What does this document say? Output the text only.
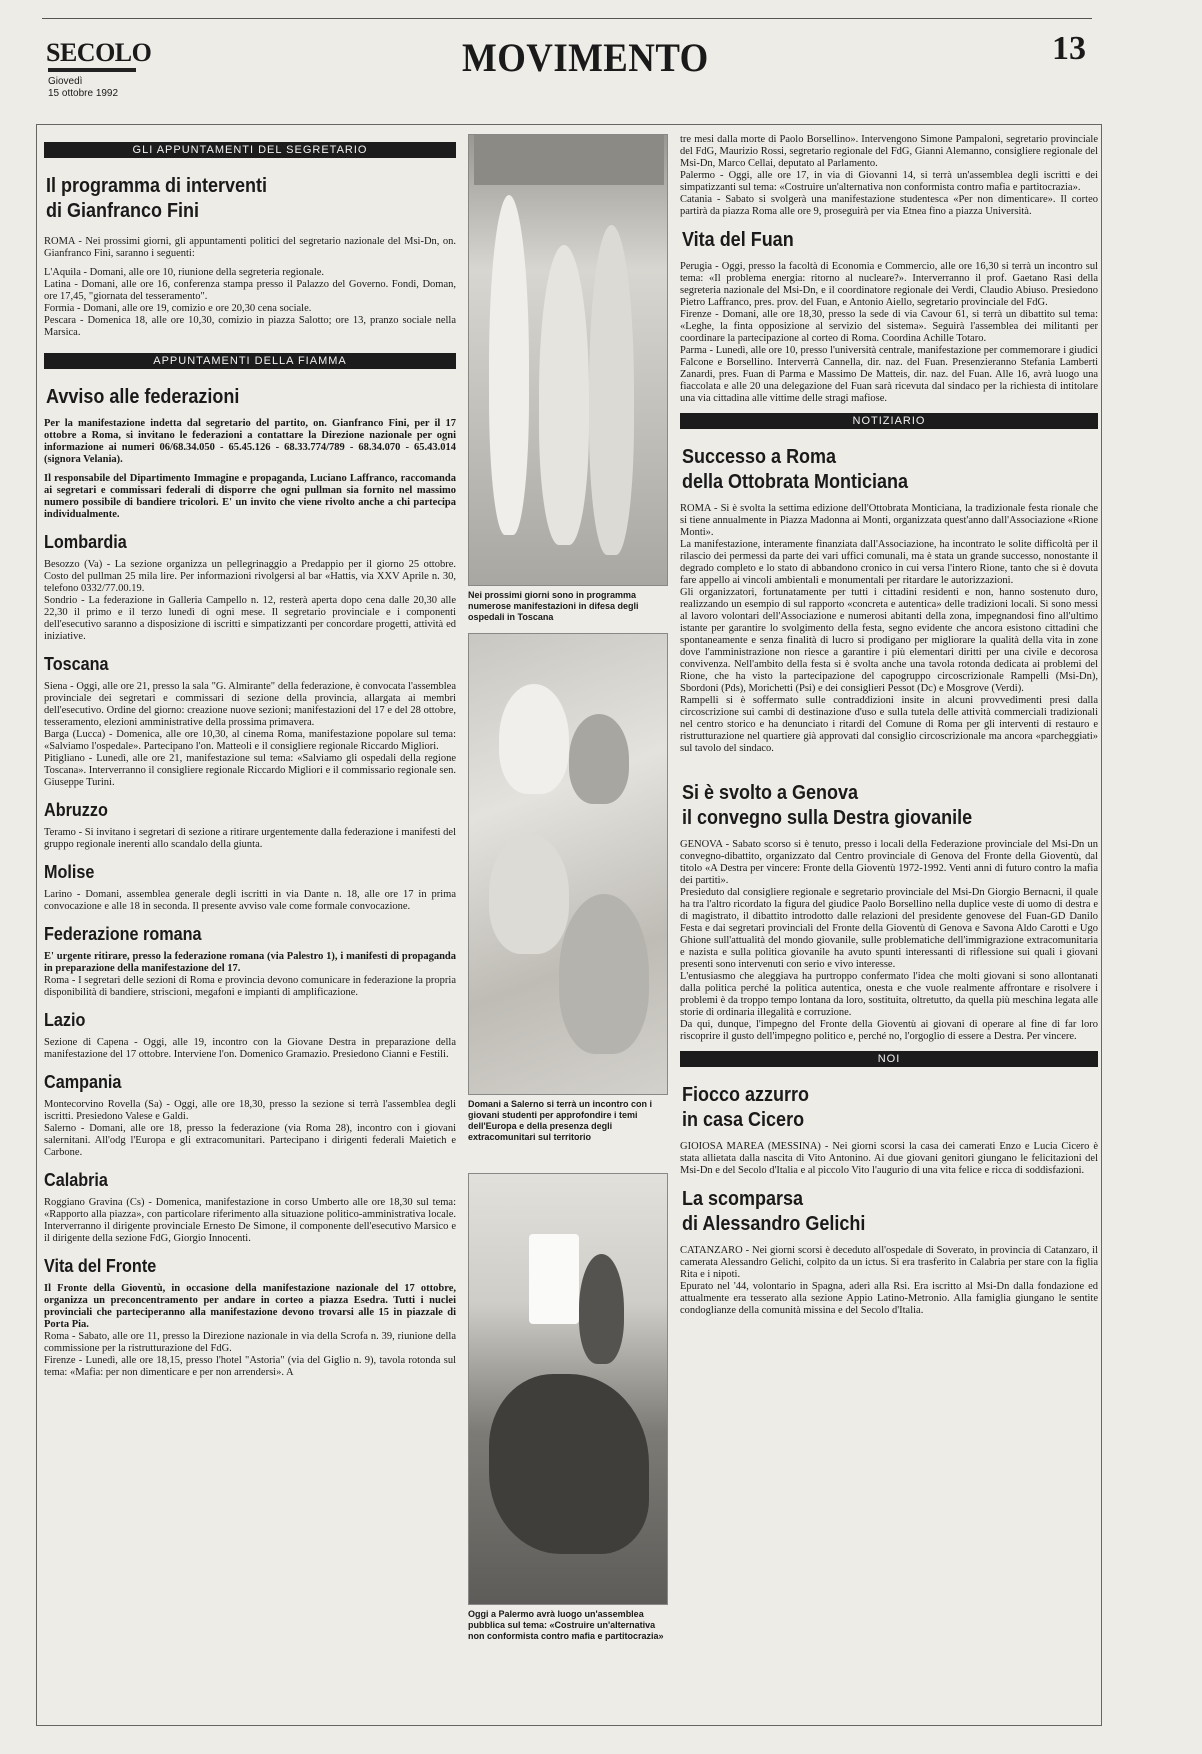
SECOLO
Giovedì
15 ottobre 1992
MOVIMENTO	13
GLI APPUNTAMENTI DEL SEGRETARIO
Il programma di interventi
di Gianfranco Fini

ROMA - Nei prossimi giorni, gli appuntamenti politici del segretario nazionale del Msi-Dn, on. Gianfranco Fini, saranno i seguenti:

L'Aquila - Domani, alle ore 10, riunione della segreteria regionale.

Latina - Domani, alle ore 16, conferenza stampa presso il Palazzo del Governo. Fondi, Doman, ore 17,45, "giornata del tesseramento".

Formia - Domani, alle ore 19, comizio e ore 20,30 cena sociale.

Pescara - Domenica 18, alle ore 10,30, comizio in piazza Salotto; ore 13, pranzo sociale nella Marsica.

APPUNTAMENTI DELLA FIAMMA
Avviso alle federazioni

Per la manifestazione indetta dal segretario del partito, on. Gianfranco Fini, per il 17 ottobre a Roma, si invitano le federazioni a contattare la Direzione nazionale per ogni informazione ai numeri 06/68.34.050 - 65.45.126 - 68.33.774/789 - 68.34.070 - 65.43.014 (signora Velania).

Il responsabile del Dipartimento Immagine e propaganda, Luciano Laffranco, raccomanda ai segretari e commissari federali di disporre che ogni pullman sia fornito nel massimo numero possibile di bandiere tricolori. E' un invito che viene rivolto anche a chi partecipa individualmente.

Lombardia

Besozzo (Va) - La sezione organizza un pellegrinaggio a Predappio per il giorno 25 ottobre. Costo del pullman 25 mila lire. Per informazioni rivolgersi al bar «Hattis, via XXV Aprile n. 30, telefono 0332/77.00.19.

Sondrio - La federazione in Galleria Campello n. 12, resterà aperta dopo cena dalle 20,30 alle 22,30 il primo e il terzo lunedì di ogni mese. Il segretario provinciale e i componenti dell'esecutivo saranno a disposizione di iscritti e simpatizzanti per concordare progetti, attività ed iniziative.

Toscana

Siena - Oggi, alle ore 21, presso la sala "G. Almirante" della federazione, è convocata l'assemblea provinciale dei segretari e commissari di sezione della provincia, allargata ai membri dell'esecutivo. Ordine del giorno: creazione nuove sezioni; manifestazioni del 17 e del 28 ottobre, tesseramento, elezioni amministrative della prossima primavera.

Barga (Lucca) - Domenica, alle ore 10,30, al cinema Roma, manifestazione popolare sul tema: «Salviamo l'ospedale». Partecipano l'on. Matteoli e il consigliere regionale Riccardo Migliori.

Pitigliano - Lunedì, alle ore 21, manifestazione sul tema: «Salviamo gli ospedali della regione Toscana». Interverranno il consigliere regionale Riccardo Migliori e il commissario regionale sen. Giuseppe Turini.

Abruzzo

Teramo - Si invitano i segretari di sezione a ritirare urgentemente dalla federazione i manifesti del gruppo regionale inerenti allo scandalo della giunta.

Molise

Larino - Domani, assemblea generale degli iscritti in via Dante n. 18, alle ore 17 in prima convocazione e alle 18 in seconda. Il presente avviso vale come formale convocazione.

Federazione romana

E' urgente ritirare, presso la federazione romana (via Palestro 1), i manifesti di propaganda in preparazione della manifestazione del 17.

Roma - I segretari delle sezioni di Roma e provincia devono comunicare in federazione la propria disponibilità di bandiere, striscioni, megafoni e impianti di amplificazione.

Lazio

Sezione di Capena - Oggi, alle 19, incontro con la Giovane Destra in preparazione della manifestazione del 17 ottobre. Interviene l'on. Domenico Gramazio. Presiedono Cianni e Festili.

Campania

Montecorvino Rovella (Sa) - Oggi, alle ore 18,30, presso la sezione si terrà l'assemblea degli iscritti. Presiedono Valese e Galdi.

Salerno - Domani, alle ore 18, presso la federazione (via Roma 28), incontro con i giovani salernitani. All'odg l'Europa e gli extracomunitari. Partecipano i dirigenti federali Maietich e Carbone.

Calabria

Roggiano Gravina (Cs) - Domenica, manifestazione in corso Umberto alle ore 18,30 sul tema: «Rapporto alla piazza», con particolare riferimento alla situazione politico-amministrativa locale. Interverranno il dirigente provinciale Ernesto De Simone, il componente dell'esecutivo Marsico e il dirigente della sezione FdG, Giorgio Innocenti.

Vita del Fronte

Il Fronte della Gioventù, in occasione della manifestazione nazionale del 17 ottobre, organizza un preconcentramento per andare in corteo a piazza Esedra. Tutti i nuclei provinciali che parteciperanno alla manifestazione devono trovarsi alle 15 in piazzale di Porta Pia.

Roma - Sabato, alle ore 11, presso la Direzione nazionale in via della Scrofa n. 39, riunione della commissione per la ristrutturazione del FdG.

Firenze - Lunedì, alle ore 18,15, presso l'hotel "Astoria" (via del Giglio n. 9), tavola rotonda sul tema: «Mafia: per non dimenticare e per non arrendersi». A

Nei prossimi giorni sono in programma numerose manifestazioni in difesa degli ospedali in Toscana
Domani a Salerno si terrà un incontro con i giovani studenti per approfondire i temi dell'Europa e della presenza degli extracomunitari sul territorio
Oggi a Palermo avrà luogo un'assemblea pubblica sul tema: «Costruire un'alternativa non conformista contro mafia e partitocrazia»

tre mesi dalla morte di Paolo Borsellino». Intervengono Simone Pampaloni, segretario provinciale del FdG, Maurizio Rossi, segretario regionale del FdG, Gianni Alemanno, consigliere regionale del Msi-Dn, Marco Cellai, deputato al Parlamento.

Palermo - Oggi, alle ore 17, in via di Giovanni 14, si terrà un'assemblea degli iscritti e dei simpatizzanti sul tema: «Costruire un'alternativa non conformista contro mafia e partitocrazia».

Catania - Sabato si svolgerà una manifestazione studentesca «Per non dimenticare». Il corteo partirà da piazza Roma alle ore 9, proseguirà per via Etnea fino a piazza Università.

Vita del Fuan

Perugia - Oggi, presso la facoltà di Economia e Commercio, alle ore 16,30 si terrà un incontro sul tema: «Il problema energia: ritorno al nucleare?». Interverranno il prof. Gaetano Rasi della segreteria nazionale del Msi-Dn, e il coordinatore regionale dei Verdi, Claudio Abiuso. Presiedono Pietro Laffranco, pres. prov. del Fuan, e Antonio Aiello, segretario provinciale del FdG.

Firenze - Domani, alle ore 18,30, presso la sede di via Cavour 61, si terrà un dibattito sul tema: «Leghe, la finta opposizione al servizio del sistema». Seguirà l'assemblea dei militanti per coordinare la partecipazione al corteo di Roma. Coordina Achille Totaro.

Parma - Lunedì, alle ore 10, presso l'università centrale, manifestazione per commemorare i giudici Falcone e Borsellino. Interverrà Cannella, dir. naz. del Fuan. Presenzieranno Stefania Lamberti Zanardi, pres. Fuan di Parma e Massimo De Matteis, dir. naz. del Fuan. Alle 16, avrà luogo una fiaccolata e alle 20 una delegazione del Fuan sarà ricevuta dal sindaco per la richiesta di intitolare una via cittadina alle vittime delle stragi mafiose.

NOTIZIARIO
Successo a Roma
della Ottobrata Monticiana

ROMA - Si è svolta la settima edizione dell'Ottobrata Monticiana, la tradizionale festa rionale che si tiene annualmente in Piazza Madonna ai Monti, organizzata quest'anno dall'Associazione «Rione Monti».

La manifestazione, interamente finanziata dall'Associazione, ha incontrato le solite difficoltà per il rilascio dei permessi da parte dei vari uffici comunali, ma è stata un grande successo, nonostante il degrado completo e lo stato di abbandono cronico in cui versa l'intero Rione, tanto che si è dovuta fare appello ai vincoli ambientali e monumentali per ritardare le autorizzazioni.

Gli organizzatori, fortunatamente per tutti i cittadini residenti e non, hanno sostenuto duro, realizzando un esempio di sul rapporto «concreta e autentica» delle tradizioni locali. Si sono messi al lavoro volontari dell'Associazione e numerosi abitanti della zona, impegnandosi fino all'ultimo istante per garantire lo svolgimento della festa, segno evidente che ancora esistono cittadini che spontaneamente e senza finalità di lucro si prodigano per migliorare la qualità della vita in zone dove l'amministrazione non riesce a garantire i più elementari diritti per una civile e decorosa convivenza. Nell'ambito della festa si è svolta anche una tavola rotonda dedicata ai problemi del Rione, che ha visto la partecipazione del capogruppo circoscrizionale Rampelli (Msi-Dn), Sbordoni (Pds), Morichetti (Psi) e dei consiglieri Pessot (Dc) e Mosgrove (Verdi).

Rampelli si è soffermato sulle contraddizioni insite in alcuni provvedimenti presi dalla circoscrizione sui cambi di destinazione d'uso e sulla tutela delle attività commerciali tradizionali nel centro storico e ha denunciato i ritardi del Comune di Roma per gli interventi di restauro e ristrutturazione nel quartiere già approvati dal consiglio circoscrizionale ma ancora «parcheggiati» sul tavolo del sindaco.

Si è svolto a Genova
il convegno sulla Destra giovanile

GENOVA - Sabato scorso si è tenuto, presso i locali della Federazione provinciale del Msi-Dn un convegno-dibattito, organizzato dal Centro provinciale di Genova del Fronte della Gioventù, dal titolo «A Destra per vincere: Fronte della Gioventù 1972-1992. Venti anni di futuro contro la mafia dei partiti».

Presieduto dal consigliere regionale e segretario provinciale del Msi-Dn Giorgio Bernacni, il quale ha tra l'altro ricordato la figura del giudice Paolo Borsellino nella duplice veste di uomo di destra e di magistrato, il dibattito introdotto dalle relazioni del presidente genovese del Fuan-GD Danilo Festa e dai segretari provinciali del Fronte della Gioventù di Genova e Savona Aldo Carotti e Ugo Ghione sull'attualità del mondo giovanile, sulle problematiche dell'immigrazione extracomunitaria e nazista e sulla politica giovanile ha avuto spunti interessanti di riflessione sui quali i giovani presenti sono intervenuti con serio e vivo interesse.

L'entusiasmo che aleggiava ha purtroppo confermato l'idea che molti giovani si sono allontanati dalla politica perché la politica autentica, onesta e che vuole realmente affrontare e risolvere i problemi è da troppo tempo lontana da loro, sostituita, oltretutto, da quella più meschina legata alle storie di ordinaria illegalità e corruzione.

Da qui, dunque, l'impegno del Fronte della Gioventù ai giovani di operare al fine di far loro riscoprire il gusto dell'impegno politico e, perché no, l'orgoglio di essere a Destra. Per vincere.

NOI
Fiocco azzurro
in casa Cicero

GIOIOSA MAREA (MESSINA) - Nei giorni scorsi la casa dei camerati Enzo e Lucia Cicero è stata allietata dalla nascita di Vito Antonino. Ai due giovani genitori giungano le felicitazioni del Msi-Dn e del Secolo d'Italia e al piccolo Vito l'augurio di una vita felice e ricca di soddisfazioni.

La scomparsa
di Alessandro Gelichi

CATANZARO - Nei giorni scorsi è deceduto all'ospedale di Soverato, in provincia di Catanzaro, il camerata Alessandro Gelichi, colpito da un ictus. Si era trasferito in Calabria per stare con la figlia Rita e i nipoti.

Epurato nel '44, volontario in Spagna, aderì alla Rsi. Era iscritto al Msi-Dn dalla fondazione ed attualmente era tesserato alla sezione Appio Latino-Metronio. Alla famiglia giungano le sentite condoglianze della comunità missina e del Secolo d'Italia.
